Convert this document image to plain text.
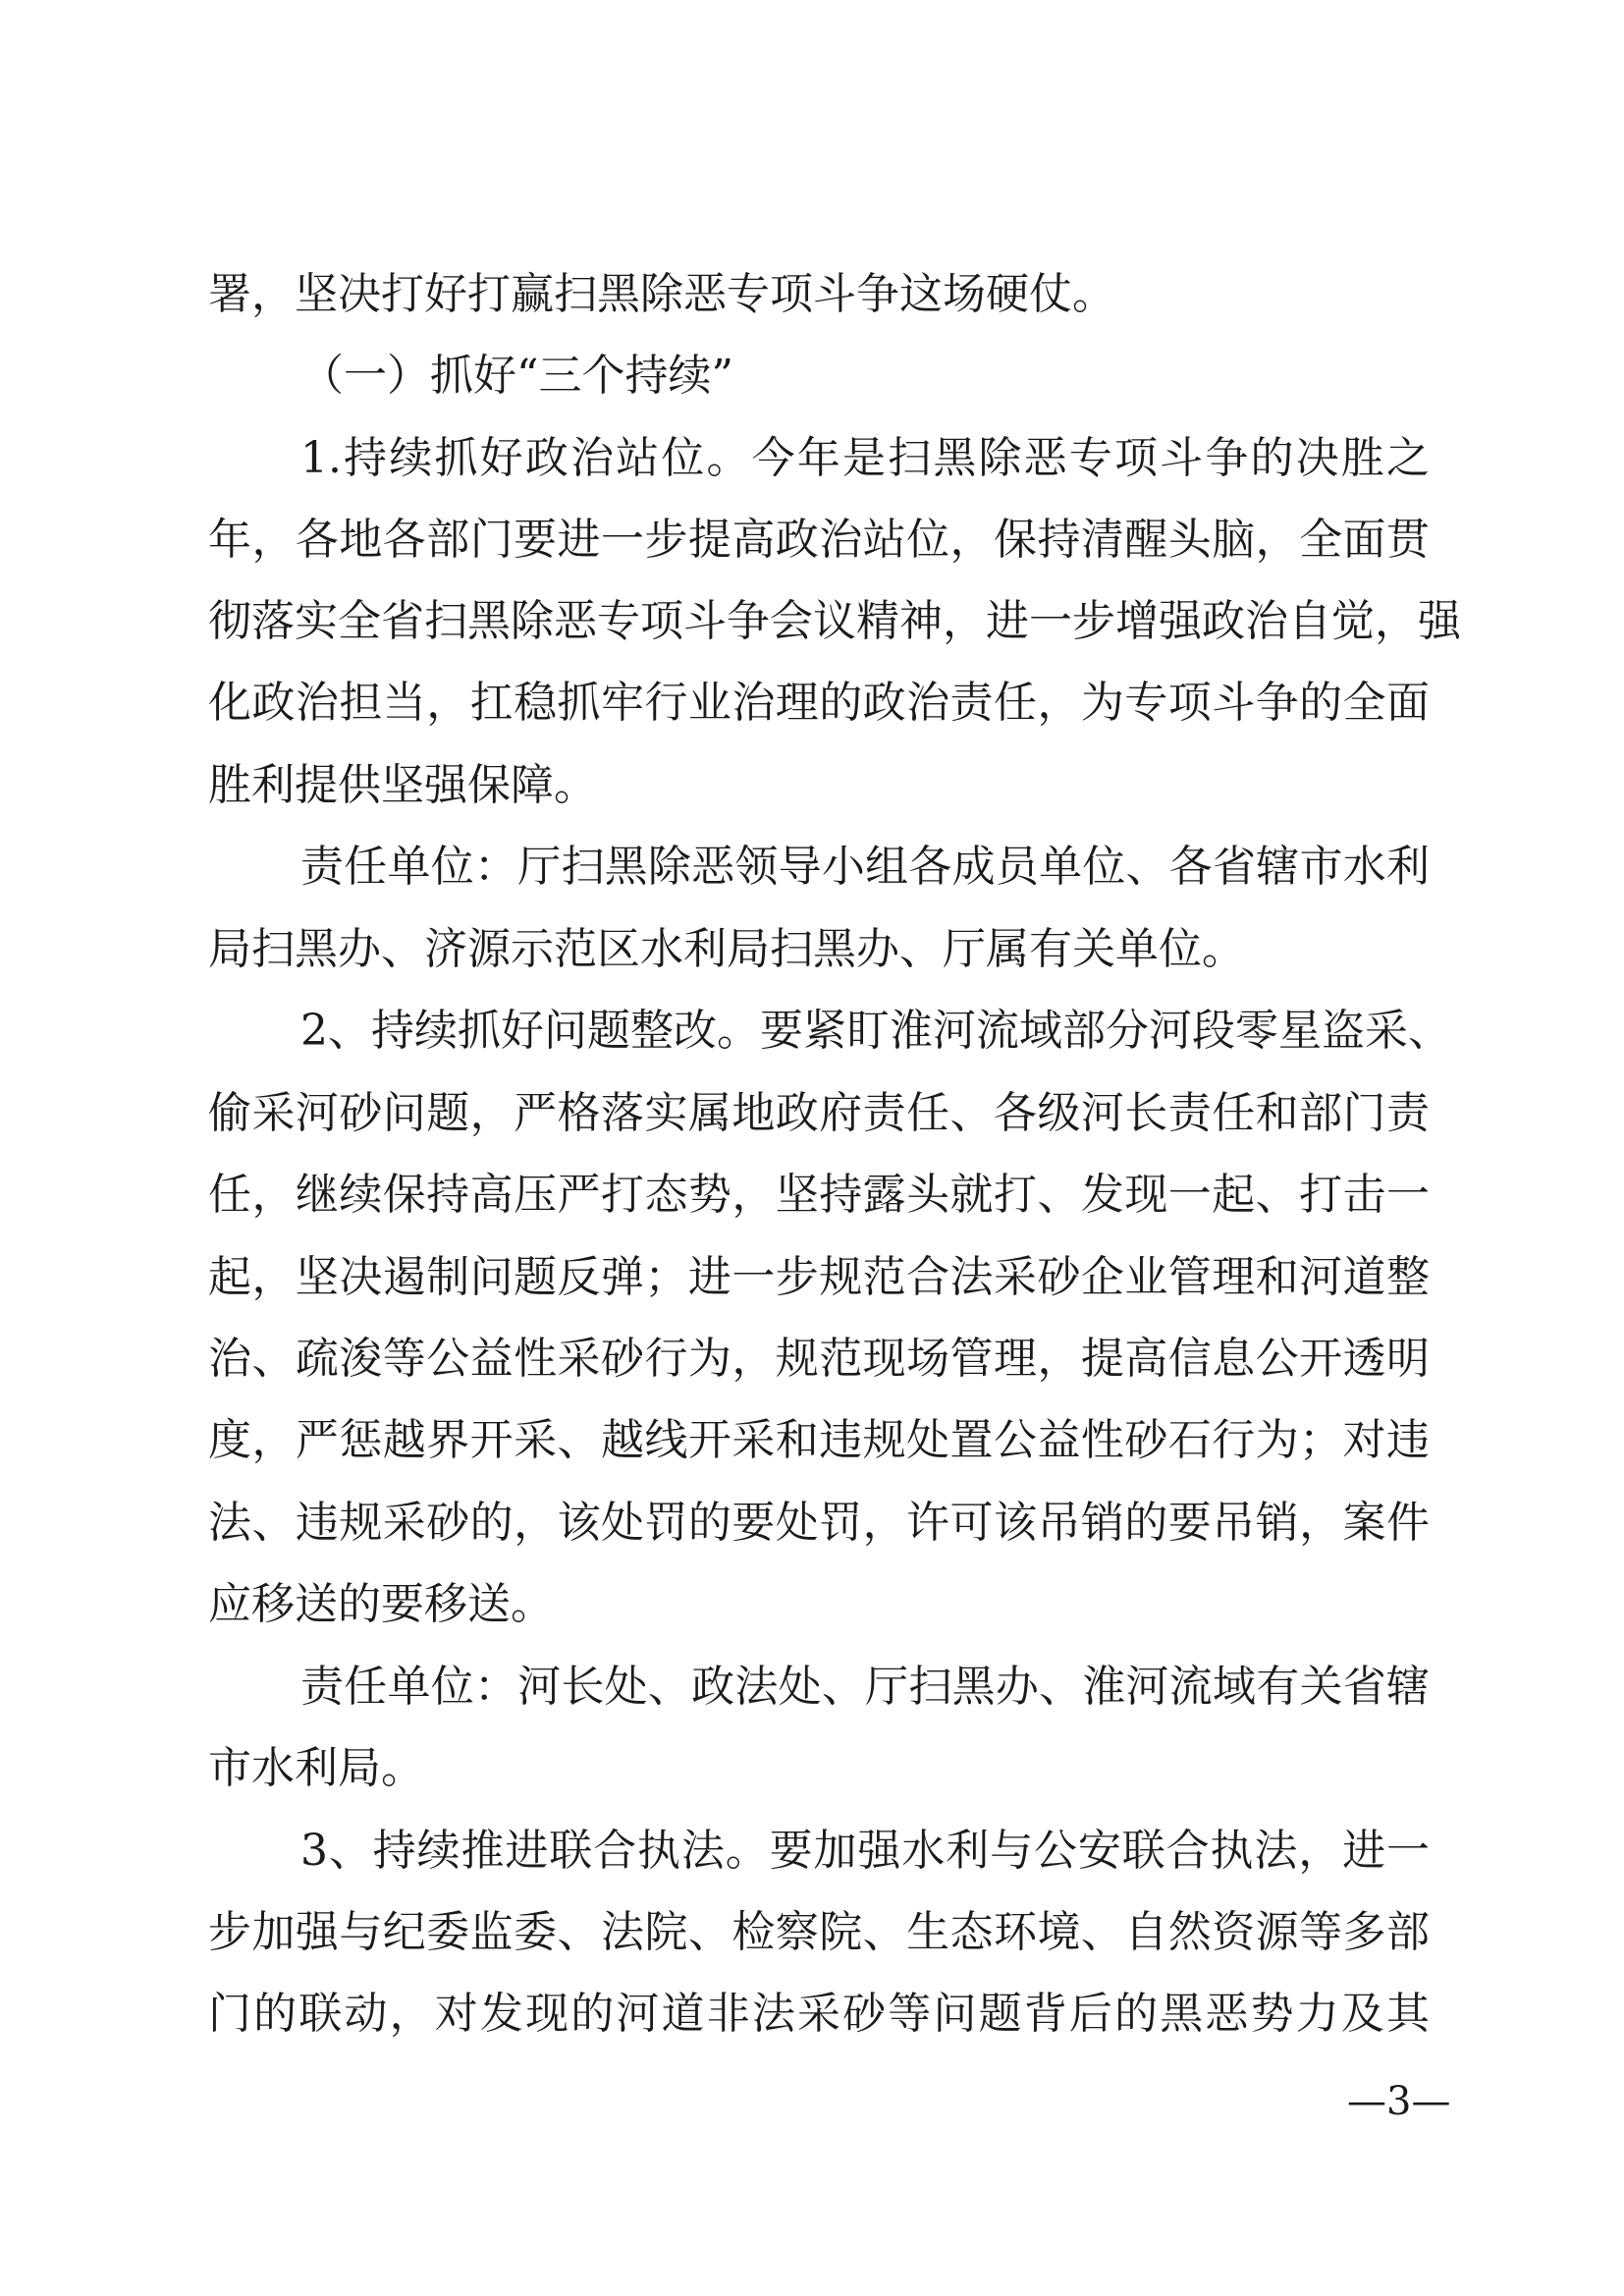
署，坚决打好打赢扫黑除恶专项斗争这场硬仗。
（一）抓好“三个持续”
1.持续抓好政治站位。今年是扫黑除恶专项斗争的决胜之
年，各地各部门要进一步提高政治站位，保持清醒头脑，全面贯
彻落实全省扫黑除恶专项斗争会议精神，进一步增强政治自觉，强
化政治担当，扛稳抓牢行业治理的政治责任，为专项斗争的全面
胜利提供坚强保障。
责任单位：厅扫黑除恶领导小组各成员单位、各省辖市水利
局扫黑办、济源示范区水利局扫黑办、厅属有关单位。
2、持续抓好问题整改。要紧盯淮河流域部分河段零星盗采、
偷采河砂问题，严格落实属地政府责任、各级河长责任和部门责
任，继续保持高压严打态势，坚持露头就打、发现一起、打击一
起，坚决遏制问题反弹；进一步规范合法采砂企业管理和河道整
治、疏浚等公益性采砂行为，规范现场管理，提高信息公开透明
度，严惩越界开采、越线开采和违规处置公益性砂石行为；对违
法、违规采砂的，该处罚的要处罚，许可该吊销的要吊销，案件
应移送的要移送。
责任单位：河长处、政法处、厅扫黑办、淮河流域有关省辖
市水利局。
3、持续推进联合执法。要加强水利与公安联合执法，进一
步加强与纪委监委、法院、检察院、生态环境、自然资源等多部
门的联动，对发现的河道非法采砂等问题背后的黑恶势力及其
—3—
